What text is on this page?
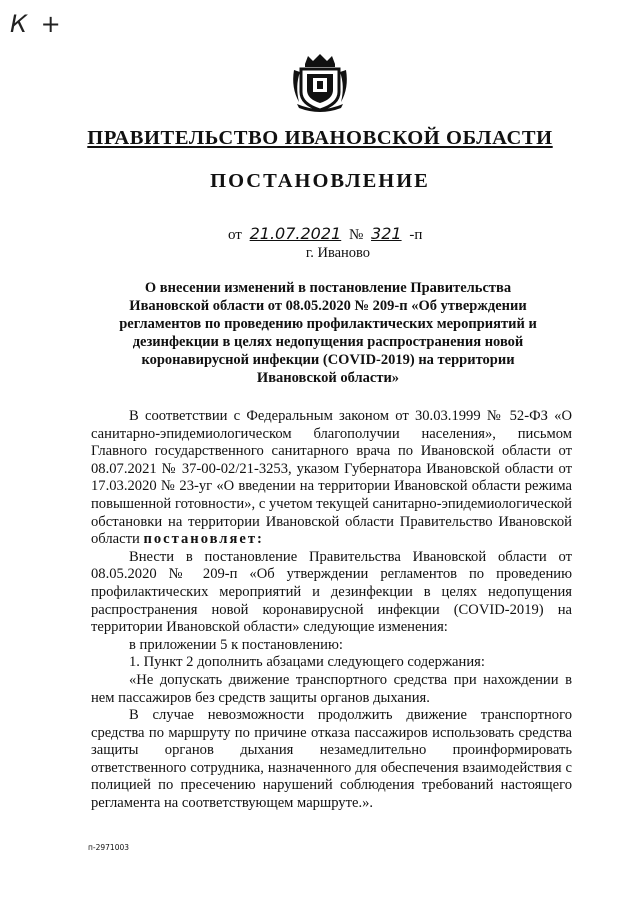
К +
ПРАВИТЕЛЬСТВО ИВАНОВСКОЙ ОБЛАСТИ
ПОСТАНОВЛЕНИЕ
от 21.07.2021 № 321 -п
г. Иваново
О внесении изменений в постановление Правительства Ивановской области от 08.05.2020 № 209-п «Об утверждении регламентов по проведению профилактических мероприятий и дезинфекции в целях недопущения распространения новой коронавирусной инфекции (COVID-2019) на территории Ивановской области»

В соответствии с Федеральным законом от 30.03.1999 № 52-ФЗ «О санитарно-эпидемиологическом благополучии населения», письмом Главного государственного санитарного врача по Ивановской области от 08.07.2021 № 37-00-02/21-3253, указом Губернатора Ивановской области от 17.03.2020 № 23-уг «О введении на территории Ивановской области режима повышенной готовности», с учетом текущей санитарно-эпидемиологической обстановки на территории Ивановской области Правительство Ивановской области постановляет:

Внести в постановление Правительства Ивановской области от 08.05.2020 № 209-п «Об утверждении регламентов по проведению профилактических мероприятий и дезинфекции в целях недопущения распространения новой коронавирусной инфекции (COVID-2019) на территории Ивановской области» следующие изменения:

в приложении 5 к постановлению:

1. Пункт 2 дополнить абзацами следующего содержания:

«Не допускать движение транспортного средства при нахождении в нем пассажиров без средств защиты органов дыхания.

В случае невозможности продолжить движение транспортного средства по маршруту по причине отказа пассажиров использовать средства защиты органов дыхания незамедлительно проинформировать ответственного сотрудника, назначенного для обеспечения взаимодействия с полицией по пресечению нарушений соблюдения требований настоящего регламента на соответствующем маршруте.».

п-2971003
